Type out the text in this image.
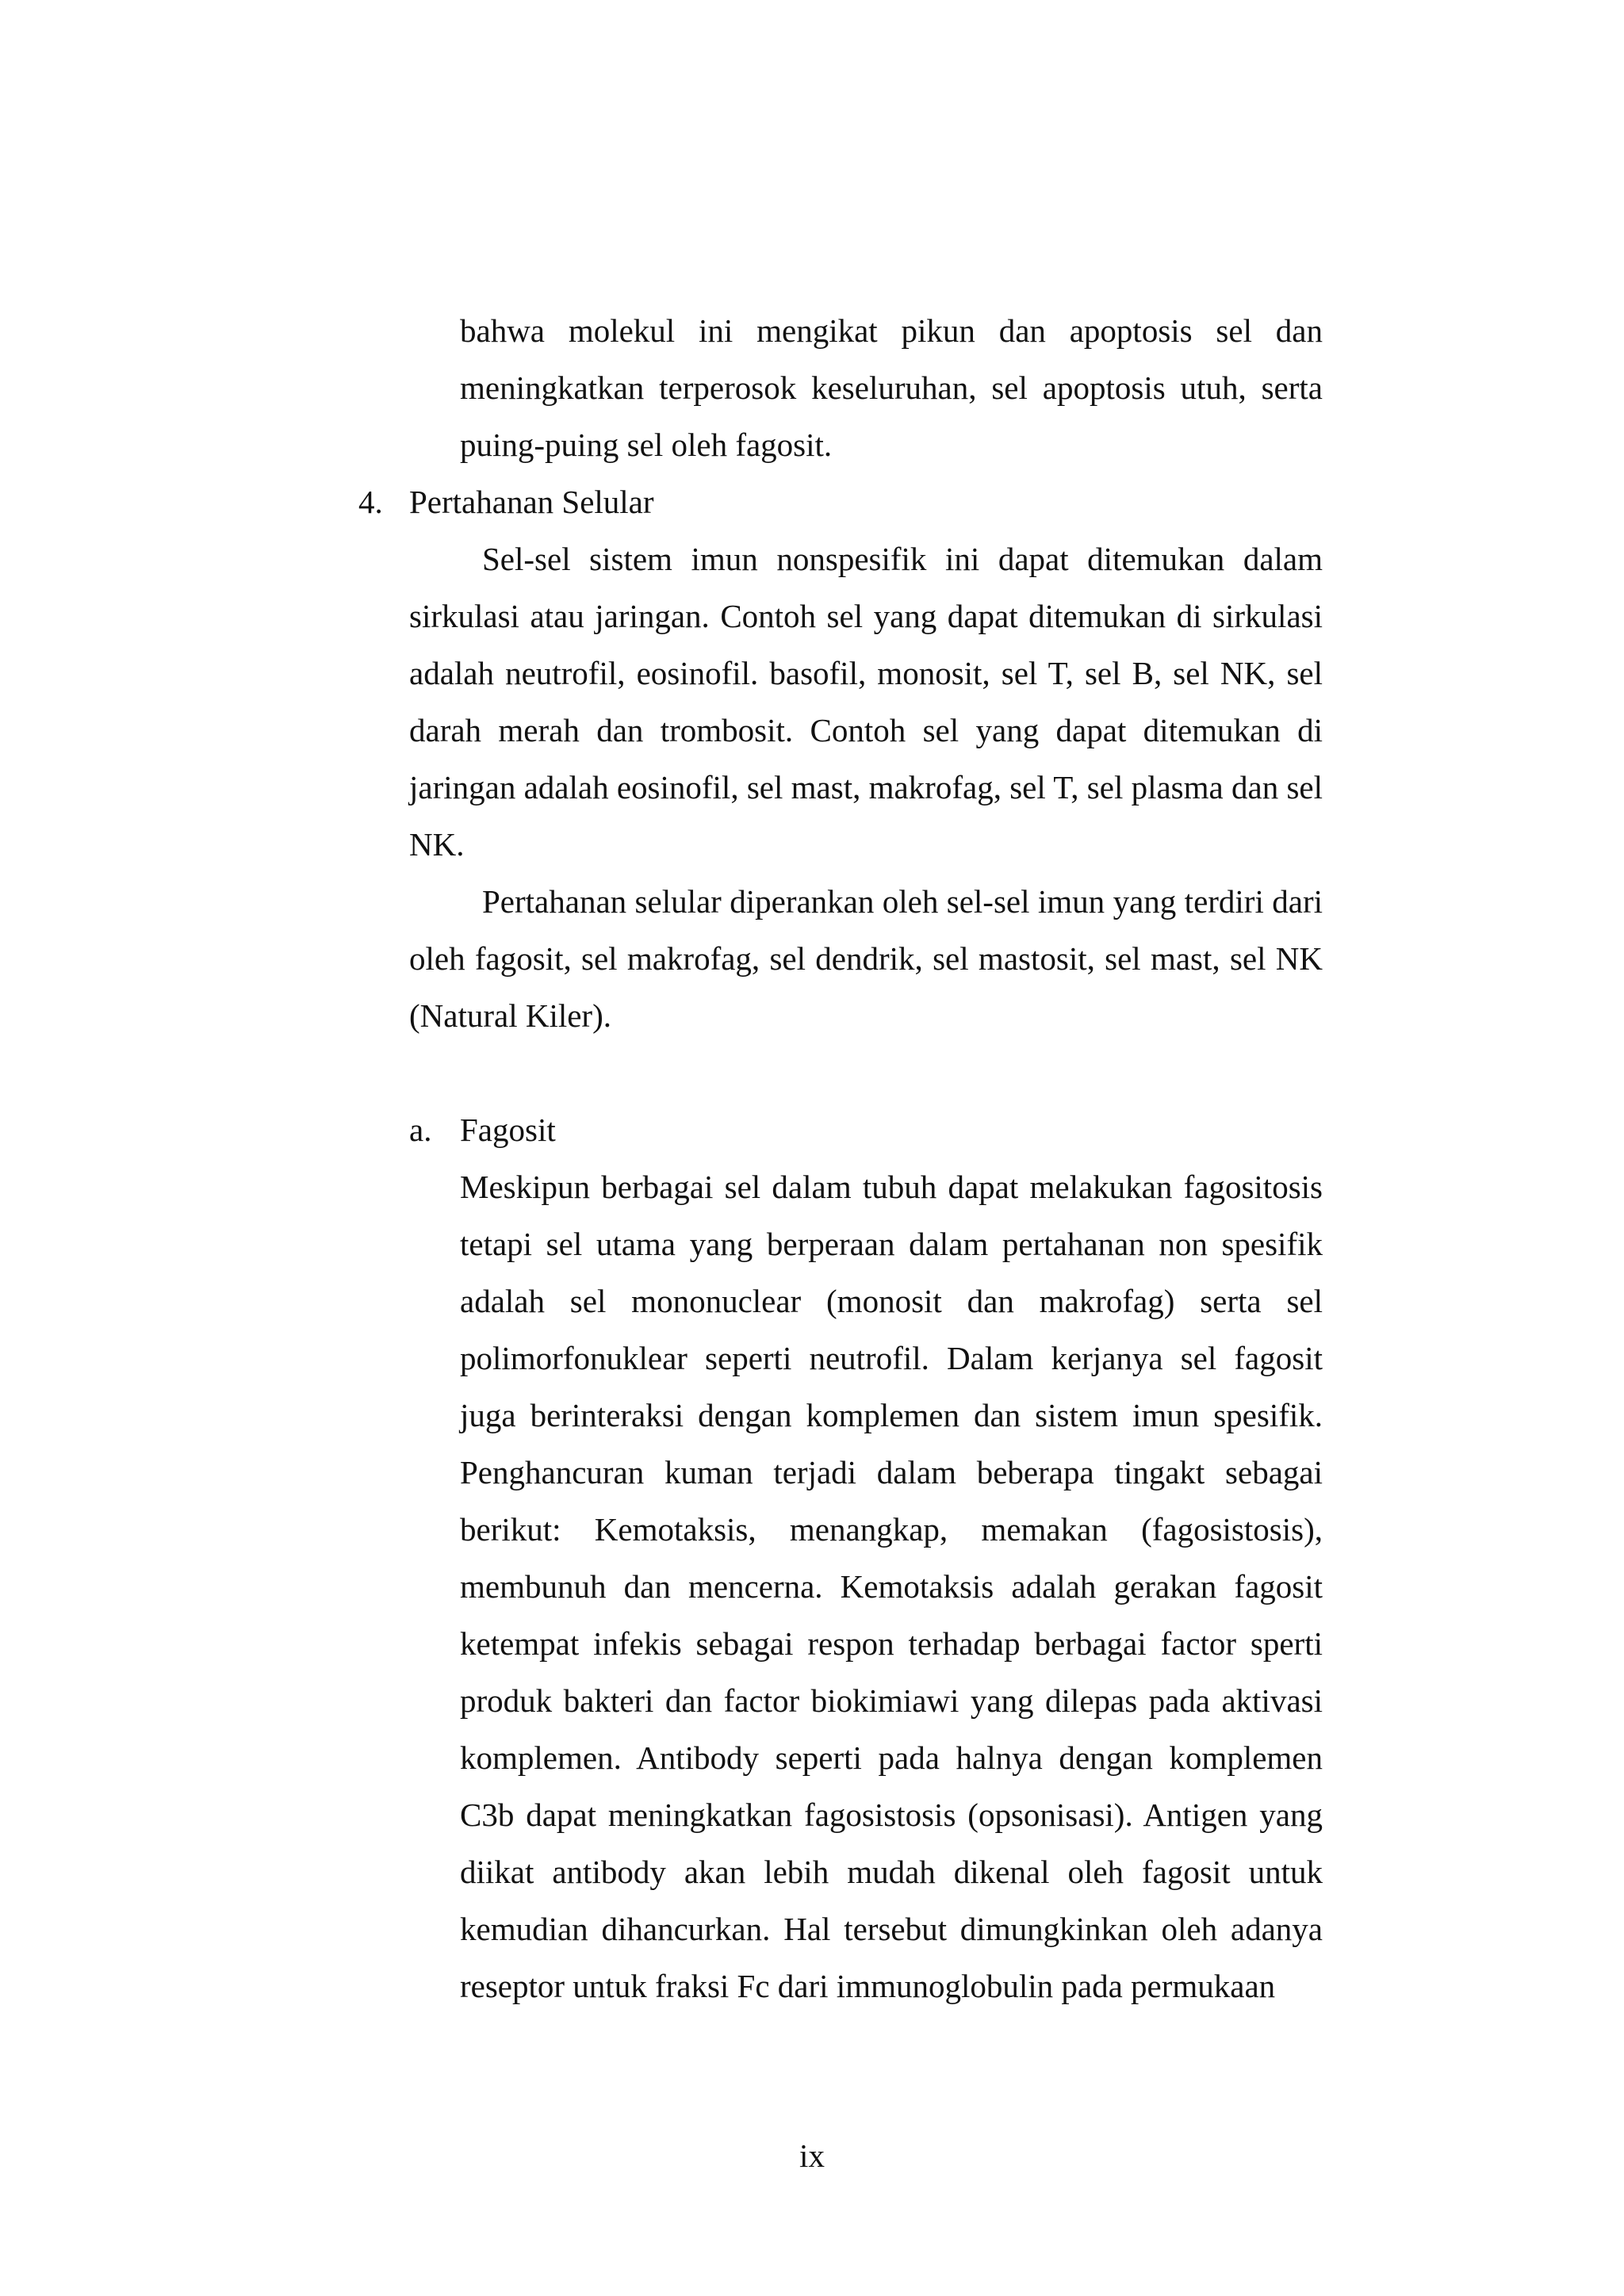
bahwa molekul ini mengikat pikun dan apoptosis sel dan meningkatkan terperosok keseluruhan, sel apoptosis utuh, serta puing-puing sel oleh fagosit.

4. Pertahanan Selular

Sel-sel sistem imun nonspesifik ini dapat ditemukan dalam sirkulasi atau jaringan. Contoh sel yang dapat ditemukan di sirkulasi adalah neutrofil, eosinofil. basofil, monosit, sel T, sel B, sel NK, sel darah merah dan trombosit. Contoh sel yang dapat ditemukan di jaringan adalah eosinofil, sel mast, makrofag, sel T, sel plasma dan sel NK.

Pertahanan selular diperankan oleh sel-sel imun yang terdiri dari oleh fagosit, sel makrofag, sel dendrik, sel mastosit, sel mast, sel NK (Natural Kiler).

a. Fagosit

Meskipun berbagai sel dalam tubuh dapat melakukan fagositosis tetapi sel utama yang berperaan dalam pertahanan non spesifik adalah sel mononuclear (monosit dan makrofag) serta sel polimorfonuklear seperti neutrofil. Dalam kerjanya sel fagosit juga berinteraksi dengan komplemen dan sistem imun spesifik. Penghancuran kuman terjadi dalam beberapa tingakt sebagai berikut: Kemotaksis, menangkap, memakan (fagosistosis), membunuh dan mencerna. Kemotaksis adalah gerakan fagosit ketempat infekis sebagai respon terhadap berbagai factor sperti produk bakteri dan factor biokimiawi yang dilepas pada aktivasi komplemen. Antibody seperti pada halnya dengan komplemen C3b dapat meningkatkan fagosistosis (opsonisasi). Antigen yang diikat antibody akan lebih mudah dikenal oleh fagosit untuk kemudian dihancurkan. Hal tersebut dimungkinkan oleh adanya reseptor untuk fraksi Fc dari immunoglobulin pada permukaan

ix
